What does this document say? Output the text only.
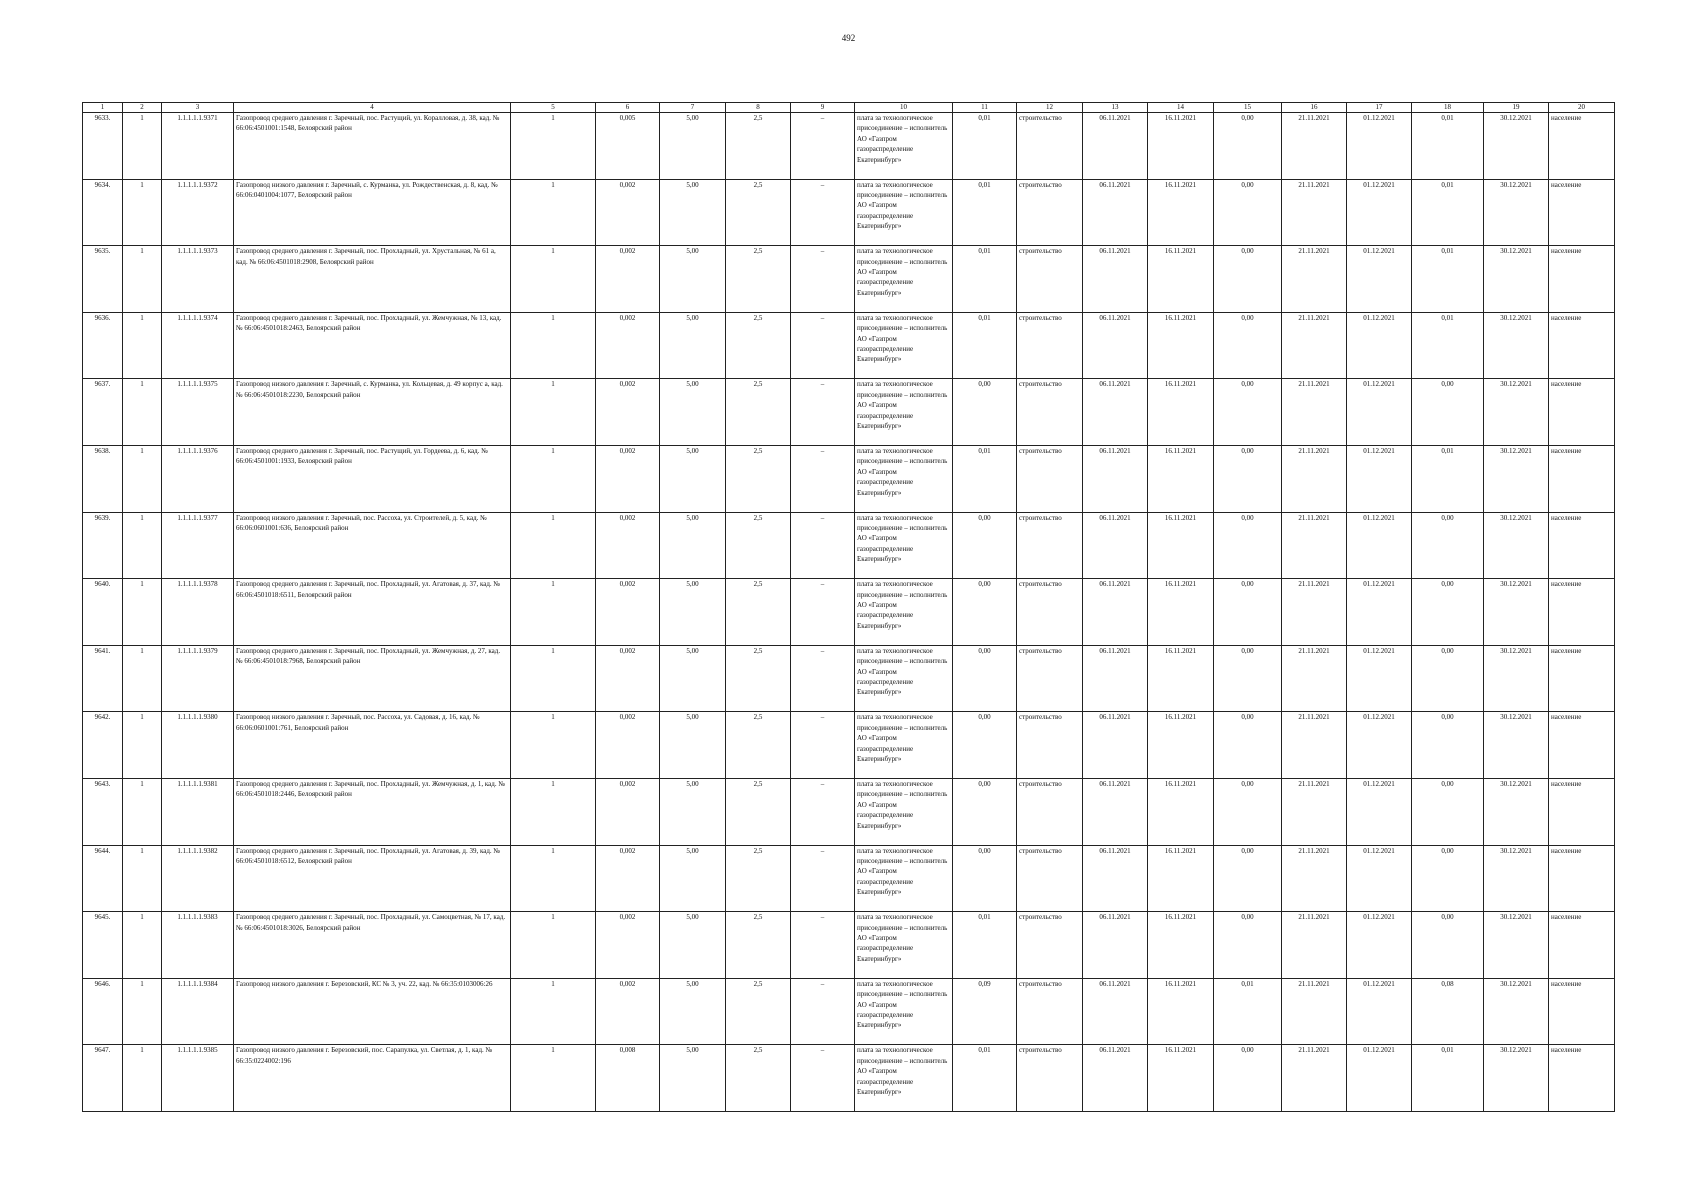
492
1	2	3	4	5	6	7	8	9	10	11	12	13	14	15	16	17	18	19	20
9633.	1	1.1.1.1.1.9371	Газопровод среднего давления г. Заречный, пос. Растущий, ул. Коралловая, д. 38, кад. № 66:06:4501001:1548, Белоярский район	1	0,005	5,00	2,5	–	плата за технологическое присоединение – исполнитель АО «Газпром газораспределение Екатеринбург»	0,01	строительство	06.11.2021	16.11.2021	0,00	21.11.2021	01.12.2021	0,01	30.12.2021	население
9634.	1	1.1.1.1.1.9372	Газопровод низкого давления г. Заречный, с. Курманка, ул. Рождественская, д. 8, кад. № 66:06:0401004:1077, Белоярский район	1	0,002	5,00	2,5	–	плата за технологическое присоединение – исполнитель АО «Газпром газораспределение Екатеринбург»	0,01	строительство	06.11.2021	16.11.2021	0,00	21.11.2021	01.12.2021	0,01	30.12.2021	население
9635.	1	1.1.1.1.1.9373	Газопровод среднего давления г. Заречный, пос. Прохладный, ул. Хрустальная, № 61 а, кад. № 66:06:4501018:2908, Белоярский район	1	0,002	5,00	2,5	–	плата за технологическое присоединение – исполнитель АО «Газпром газораспределение Екатеринбург»	0,01	строительство	06.11.2021	16.11.2021	0,00	21.11.2021	01.12.2021	0,01	30.12.2021	население
9636.	1	1.1.1.1.1.9374	Газопровод среднего давления г. Заречный, пос. Прохладный, ул. Жемчужная, № 13, кад. № 66:06:4501018:2463, Белоярский район	1	0,002	5,00	2,5	–	плата за технологическое присоединение – исполнитель АО «Газпром газораспределение Екатеринбург»	0,01	строительство	06.11.2021	16.11.2021	0,00	21.11.2021	01.12.2021	0,01	30.12.2021	население
9637.	1	1.1.1.1.1.9375	Газопровод низкого давления г. Заречный, с. Курманка, ул. Кольцевая, д. 49 корпус а, кад. № 66:06:4501018:2230, Белоярский район	1	0,002	5,00	2,5	–	плата за технологическое присоединение – исполнитель АО «Газпром газораспределение Екатеринбург»	0,00	строительство	06.11.2021	16.11.2021	0,00	21.11.2021	01.12.2021	0,00	30.12.2021	население
9638.	1	1.1.1.1.1.9376	Газопровод среднего давления г. Заречный, пос. Растущий, ул. Гордеева, д. 6, кад. № 66:06:4501001:1933, Белоярский район	1	0,002	5,00	2,5	–	плата за технологическое присоединение – исполнитель АО «Газпром газораспределение Екатеринбург»	0,01	строительство	06.11.2021	16.11.2021	0,00	21.11.2021	01.12.2021	0,01	30.12.2021	население
9639.	1	1.1.1.1.1.9377	Газопровод низкого давления г. Заречный, пос. Рассоха, ул. Строителей, д. 5, кад. № 66:06:0601001:636, Белоярский район	1	0,002	5,00	2,5	–	плата за технологическое присоединение – исполнитель АО «Газпром газораспределение Екатеринбург»	0,00	строительство	06.11.2021	16.11.2021	0,00	21.11.2021	01.12.2021	0,00	30.12.2021	население
9640.	1	1.1.1.1.1.9378	Газопровод среднего давления г. Заречный, пос. Прохладный, ул. Агатовая, д. 37, кад. № 66:06:4501018:6511, Белоярский район	1	0,002	5,00	2,5	–	плата за технологическое присоединение – исполнитель АО «Газпром газораспределение Екатеринбург»	0,00	строительство	06.11.2021	16.11.2021	0,00	21.11.2021	01.12.2021	0,00	30.12.2021	население
9641.	1	1.1.1.1.1.9379	Газопровод среднего давления г. Заречный, пос. Прохладный, ул. Жемчужная, д. 27, кад. № 66:06:4501018:7968, Белоярский район	1	0,002	5,00	2,5	–	плата за технологическое присоединение – исполнитель АО «Газпром газораспределение Екатеринбург»	0,00	строительство	06.11.2021	16.11.2021	0,00	21.11.2021	01.12.2021	0,00	30.12.2021	население
9642.	1	1.1.1.1.1.9380	Газопровод низкого давления г. Заречный, пос. Рассоха, ул. Садовая, д. 16, кад. № 66:06:0601001:761, Белоярский район	1	0,002	5,00	2,5	–	плата за технологическое присоединение – исполнитель АО «Газпром газораспределение Екатеринбург»	0,00	строительство	06.11.2021	16.11.2021	0,00	21.11.2021	01.12.2021	0,00	30.12.2021	население
9643.	1	1.1.1.1.1.9381	Газопровод среднего давления г. Заречный, пос. Прохладный, ул. Жемчужная, д. 1, кад. № 66:06:4501018:2446, Белоярский район	1	0,002	5,00	2,5	–	плата за технологическое присоединение – исполнитель АО «Газпром газораспределение Екатеринбург»	0,00	строительство	06.11.2021	16.11.2021	0,00	21.11.2021	01.12.2021	0,00	30.12.2021	население
9644.	1	1.1.1.1.1.9382	Газопровод среднего давления г. Заречный, пос. Прохладный, ул. Агатовая, д. 39, кад. № 66:06:4501018:6512, Белоярский район	1	0,002	5,00	2,5	–	плата за технологическое присоединение – исполнитель АО «Газпром газораспределение Екатеринбург»	0,00	строительство	06.11.2021	16.11.2021	0,00	21.11.2021	01.12.2021	0,00	30.12.2021	население
9645.	1	1.1.1.1.1.9383	Газопровод среднего давления г. Заречный, пос. Прохладный, ул. Самоцветная, № 17, кад. № 66:06:4501018:3026, Белоярский район	1	0,002	5,00	2,5	–	плата за технологическое присоединение – исполнитель АО «Газпром газораспределение Екатеринбург»	0,01	строительство	06.11.2021	16.11.2021	0,00	21.11.2021	01.12.2021	0,00	30.12.2021	население
9646.	1	1.1.1.1.1.9384	Газопровод низкого давления г. Березовский, КС № 3, уч. 22, кад. № 66:35:0103006:26	1	0,002	5,00	2,5	–	плата за технологическое присоединение – исполнитель АО «Газпром газораспределение Екатеринбург»	0,09	строительство	06.11.2021	16.11.2021	0,01	21.11.2021	01.12.2021	0,08	30.12.2021	население
9647.	1	1.1.1.1.1.9385	Газопровод низкого давления г. Березовский, пос. Сарапулка, ул. Светлая, д. 1, кад. № 66:35:0224002:196	1	0,008	5,00	2,5	–	плата за технологическое присоединение – исполнитель АО «Газпром газораспределение Екатеринбург»	0,01	строительство	06.11.2021	16.11.2021	0,00	21.11.2021	01.12.2021	0,01	30.12.2021	население
